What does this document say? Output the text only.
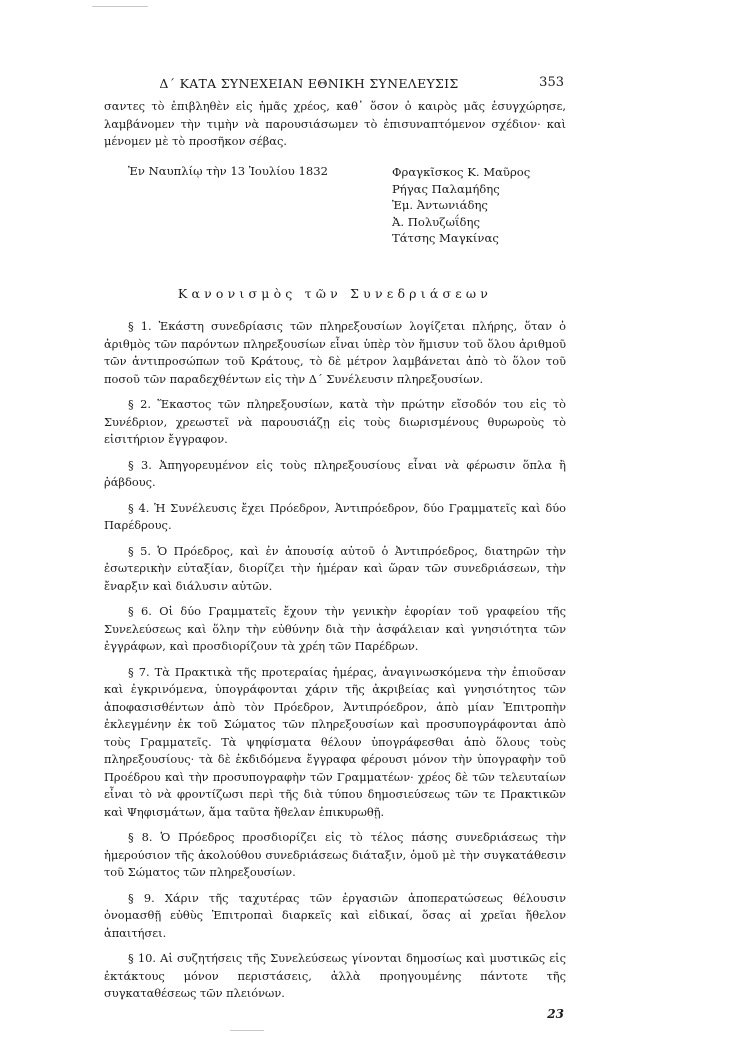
Δ΄ ΚΑΤΑ ΣΥΝΕΧΕΙΑΝ ΕΘΝΙΚΗ ΣΥΝΕΛΕΥΣΙΣ	353

σαντες τὸ ἐπιβληθὲν εἰς ἡμᾶς χρέος, καθ᾽ ὅσον ὁ καιρὸς μᾶς ἐσυγχώρησε, λαμβάνομεν τὴν τιμὴν νὰ παρουσιάσωμεν τὸ ἐπισυναπτόμενον σχέδιον· καὶ μένομεν μὲ τὸ προσῆκον σέβας.

Ἐν Ναυπλίῳ τὴν 13 Ἰουλίου 1832	Φραγκῖσκος Κ. Μαῦρος
Ρήγας Παλαμήδης
Ἐμ. Ἀντωνιάδης
Ἀ. Πολυζωΐδης
Τάτσης Μαγκίνας
Κανονισμὸς τῶν Συνεδριάσεων

§ 1. Ἑκάστη συνεδρίασις τῶν πληρεξουσίων λογίζεται πλήρης, ὅταν ὁ ἀριθμὸς τῶν παρόντων πληρεξουσίων εἶναι ὑπὲρ τὸν ἥμισυν τοῦ ὅλου ἀριθμοῦ τῶν ἀντιπροσώπων τοῦ Κράτους, τὸ δὲ μέτρον λαμβάνεται ἀπὸ τὸ ὅλον τοῦ ποσοῦ τῶν παραδεχθέντων εἰς τὴν Δ΄ Συνέλευσιν πληρεξουσίων.

§ 2. Ἕκαστος τῶν πληρεξουσίων, κατὰ τὴν πρώτην εἴσοδόν του εἰς τὸ Συνέδριον, χρεωστεῖ νὰ παρουσιάζῃ εἰς τοὺς διωρισμένους θυρωροὺς τὸ εἰσιτήριον ἔγγραφον.

§ 3. Ἀπηγορευμένον εἰς τοὺς πληρεξουσίους εἶναι νὰ φέρωσιν ὅπλα ἢ ῥάβδους.

§ 4. Ἡ Συνέλευσις ἔχει Πρόεδρον, Ἀντιπρόεδρον, δύο Γραμματεῖς καὶ δύο Παρέδρους.

§ 5. Ὁ Πρόεδρος, καὶ ἐν ἀπουσίᾳ αὐτοῦ ὁ Ἀντιπρόεδρος, διατηρῶν τὴν ἐσωτερικὴν εὐταξίαν, διορίζει τὴν ἡμέραν καὶ ὥραν τῶν συνεδριάσεων, τὴν ἔναρξιν καὶ διάλυσιν αὐτῶν.

§ 6. Οἱ δύο Γραμματεῖς ἔχουν τὴν γενικὴν ἐφορίαν τοῦ γραφείου τῆς Συνελεύσεως καὶ ὅλην τὴν εὐθύνην διὰ τὴν ἀσφάλειαν καὶ γνησιότητα τῶν ἐγγράφων, καὶ προσδιορίζουν τὰ χρέη τῶν Παρέδρων.

§ 7. Τὰ Πρακτικὰ τῆς προτεραίας ἡμέρας, ἀναγινωσκόμενα τὴν ἐπιοῦσαν καὶ ἐγκρινόμενα, ὑπογράφονται χάριν τῆς ἀκριβείας καὶ γνησιότητος τῶν ἀποφασισθέντων ἀπὸ τὸν Πρόεδρον, Ἀντιπρόεδρον, ἀπὸ μίαν Ἐπιτροπὴν ἐκλεγμένην ἐκ τοῦ Σώματος τῶν πληρεξουσίων καὶ προσυπογράφονται ἀπὸ τοὺς Γραμματεῖς. Τὰ ψηφίσματα θέλουν ὑπογράφεσθαι ἀπὸ ὅλους τοὺς πληρεξουσίους· τὰ δὲ ἐκδιδόμενα ἔγγραφα φέρουσι μόνον τὴν ὑπογραφὴν τοῦ Προέδρου καὶ τὴν προσυπογραφὴν τῶν Γραμματέων· χρέος δὲ τῶν τελευταίων εἶναι τὸ νὰ φροντίζωσι περὶ τῆς διὰ τύπου δημοσιεύσεως τῶν τε Πρακτικῶν καὶ Ψηφισμάτων, ἅμα ταῦτα ἤθελαν ἐπικυρωθῇ.

§ 8. Ὁ Πρόεδρος προσδιορίζει εἰς τὸ τέλος πάσης συνεδριάσεως τὴν ἡμερούσιον τῆς ἀκολούθου συνεδριάσεως διάταξιν, ὁμοῦ μὲ τὴν συγκατάθεσιν τοῦ Σώματος τῶν πληρεξουσίων.

§ 9. Χάριν τῆς ταχυτέρας τῶν ἐργασιῶν ἀποπερατώσεως θέλουσιν ὀνομασθῇ εὐθὺς Ἐπιτροπαὶ διαρκεῖς καὶ εἰδικαί, ὅσας αἱ χρεῖαι ἤθελον ἀπαιτήσει.

§ 10. Αἱ συζητήσεις τῆς Συνελεύσεως γίνονται δημοσίως καὶ μυστικῶς εἰς ἐκτάκτους μόνον περιστάσεις, ἀλλὰ προηγουμένης πάντοτε τῆς συγκαταθέσεως τῶν πλειόνων.

23
